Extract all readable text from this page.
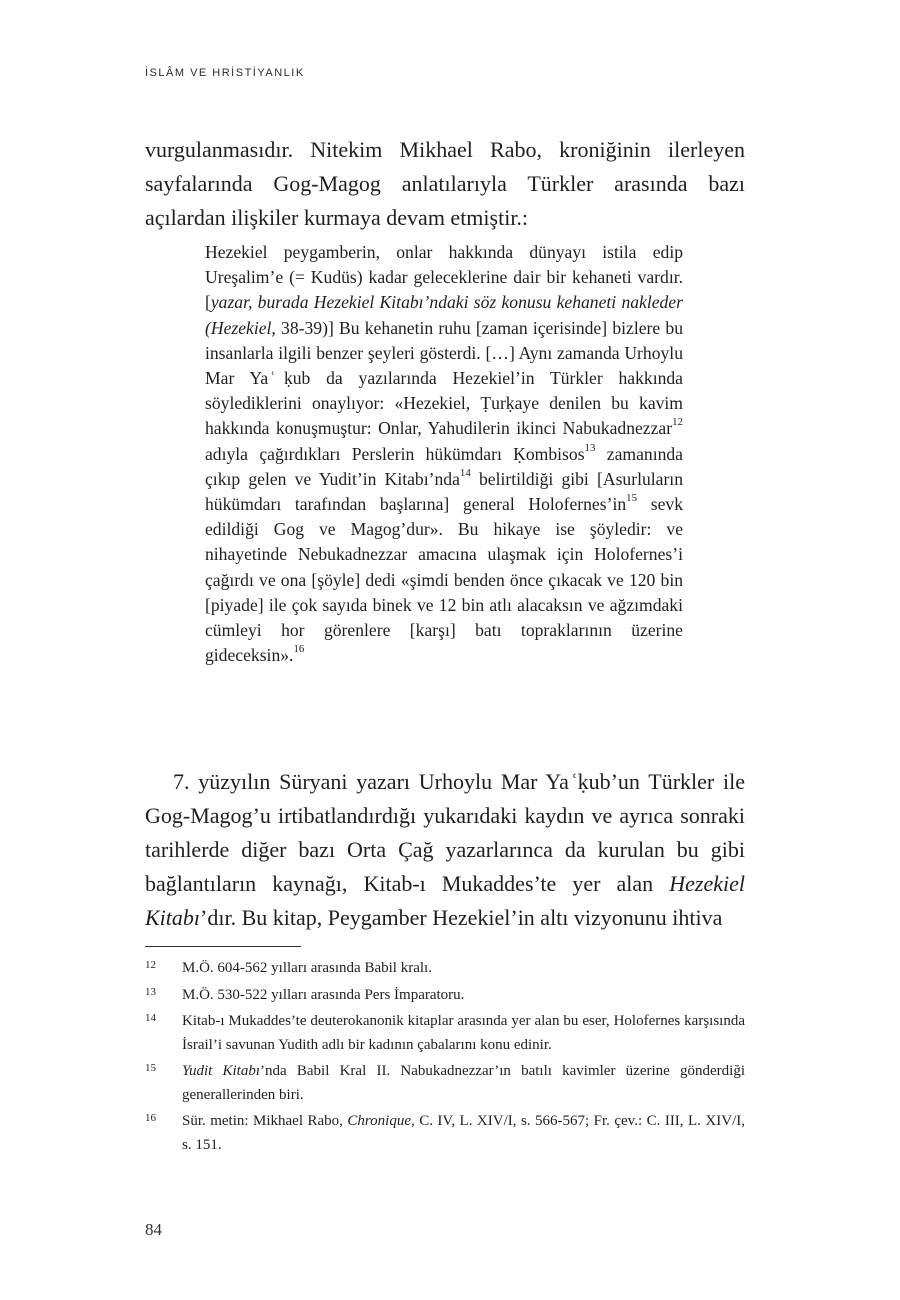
İSLÂM VE HRİSTİYANLIK

vurgulanmasıdır. Nitekim Mikhael Rabo, kroniğinin ilerleyen sayfalarında Gog-Magog anlatılarıyla Türkler arasında bazı açılardan ilişkiler kurmaya devam etmiştir.:

Hezekiel peygamberin, onlar hakkında dünyayı istila edip Ureşalim’e (= Kudüs) kadar geleceklerine dair bir kehaneti vardır. [yazar, burada Hezekiel Kitabı’ndaki söz konusu kehaneti nakleder (Hezekiel, 38-39)] Bu kehanetin ruhu [zaman içerisinde] bizlere bu insanlarla ilgili benzer şeyleri gösterdi. […] Aynı zamanda Urhoylu Mar Ya ͑ḳub da yazılarında Hezekiel’in Türkler hakkında söylediklerini onaylıyor: «Hezekiel, Ṭurḳaye denilen bu kavim hakkında konuşmuştur: Onlar, Yahudilerin ikinci Nabukadnezzar$^{12}$ adıyla çağırdıkları Perslerin hükümdarı Ḳombisos$^{13}$ zamanında çıkıp gelen ve Yudit’in Kitabı’nda$^{14}$ belirtildiği gibi [Asurluların hükümdarı tarafından başlarına] general $Holofernes’in^{15}$ sevk edildiği Gog ve Magog’dur». Bu hikaye ise şöyledir: ve nihayetinde Nebukadnezzar amacına ulaşmak için Holofernes’i çağırdı ve ona [şöyle] dedi «şimdi benden önce çıkacak ve 120 bin [piyade] ile çok sayıda binek ve 12 bin atlı alacaksın ve ağzımdaki cümleyi hor görenlere [karşı] batı topraklarının üzerine gideceksin».$^{16}$

7. yüzyılın Süryani yazarı Urhoylu Mar Ya ͑ḳub’un Türkler ile Gog-Magog’u irtibatlandırdığı yukarıdaki kaydın ve ayrıca sonraki tarihlerde diğer bazı Orta Çağ yazarlarınca da kurulan bu gibi bağlantıların kaynağı, Kitab-ı Mukaddes’te yer alan Hezekiel Kitabı’dır. Bu kitap, Peygamber Hezekiel’in altı vizyonunu ihtiva

12	M.Ö. 604-562 yılları arasında Babil kralı.
13	M.Ö. 530-522 yılları arasında Pers İmparatoru.
14	Kitab-ı Mukaddes’te deuterokanonik kitaplar arasında yer alan bu eser, Holofernes karşısında İsrail’i savunan Yudith adlı bir kadının çabalarını konu edinir.
15	Yudit Kitabı’nda Babil Kral II. Nabukadnezzar’ın batılı kavimler üzerine gönderdiği generallerinden biri.
16	Sür. metin: Mikhael Rabo, Chronique, C. IV, L. XIV/I, s. 566-567; Fr. çev.: C. III, L. XIV/I, s. 151.
84
